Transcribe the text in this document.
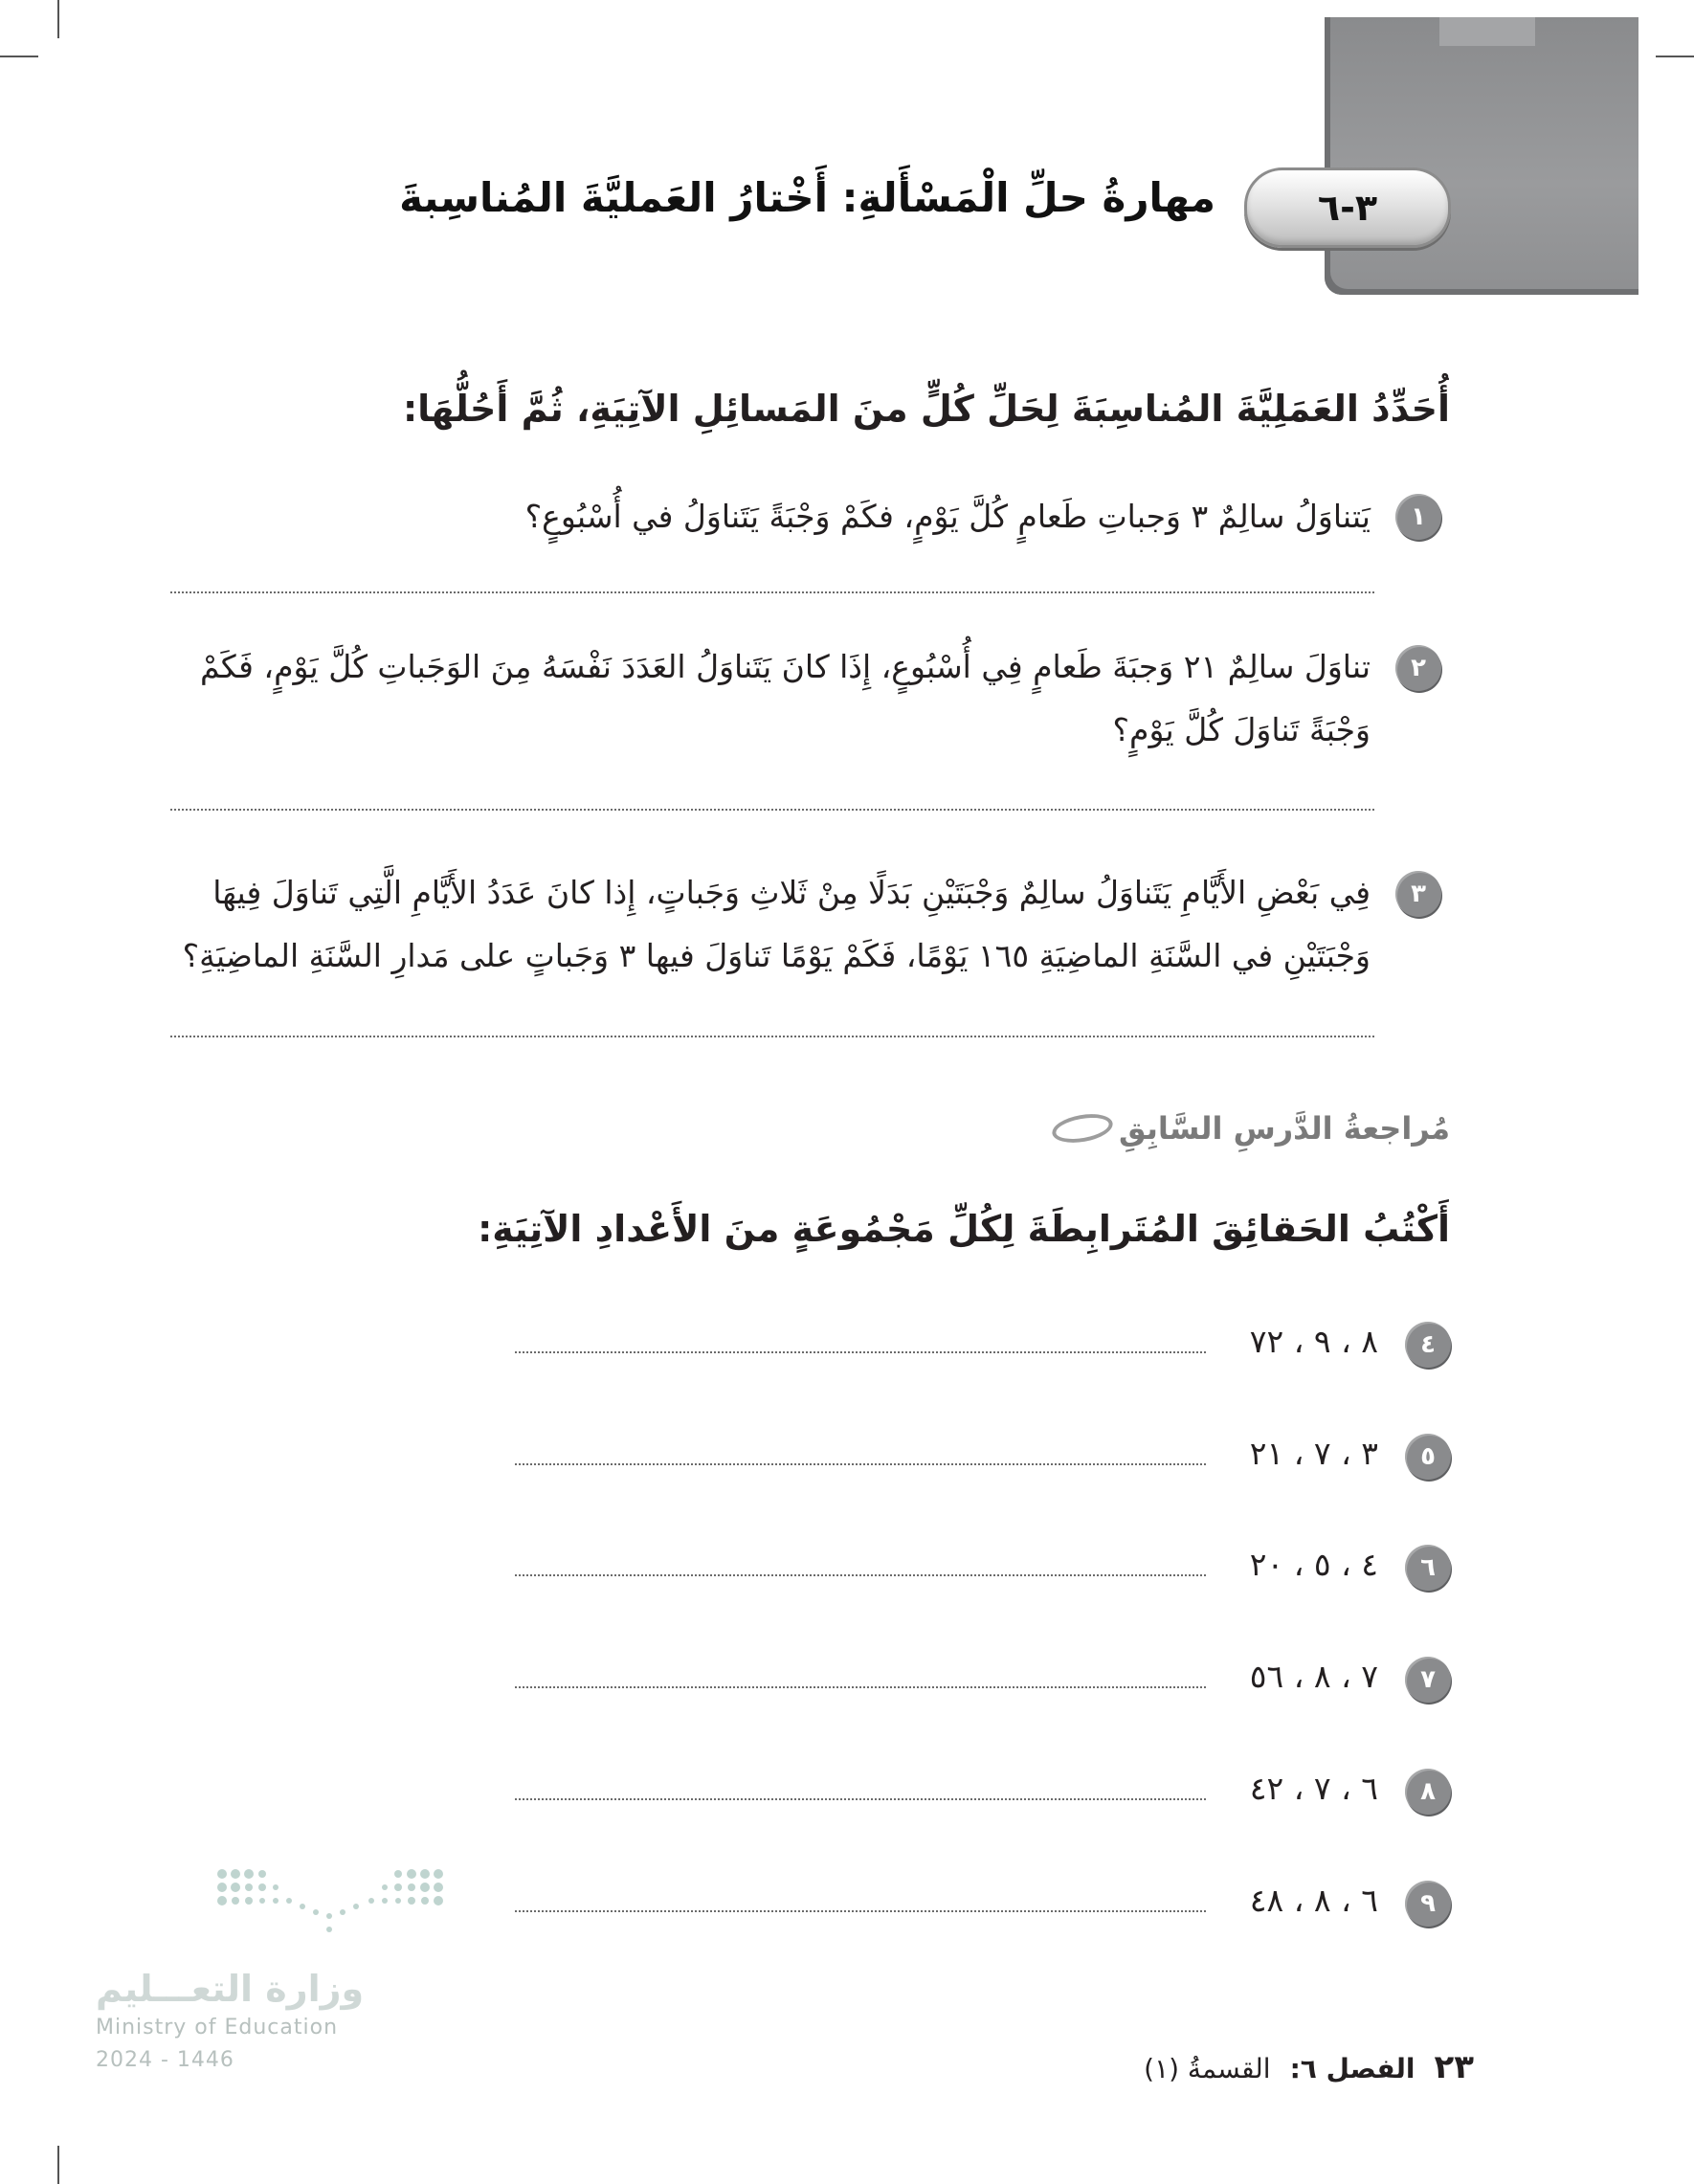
٣-٦
مهارةُ حلِّ الْمَسْأَلةِ: أَخْتارُ العَمليَّةَ المُناسِبةَ
أُحَدِّدُ العَمَلِيَّةَ المُناسِبَةَ لِحَلِّ كُلٍّ منَ المَسائِلِ الآتِيَةِ، ثُمَّ أَحُلُّهَا:
١
يَتناوَلُ سالِمٌ ٣ وَجباتِ طَعامٍ كُلَّ يَوْمٍ، فكَمْ وَجْبَةً يَتَناوَلُ في أُسْبُوعٍ؟
٢
تناوَلَ سالِمٌ ٢١ وَجبَةَ طَعامٍ فِي أُسْبُوعٍ، إِذَا كانَ يَتَناوَلُ العَدَدَ نَفْسَهُ مِنَ الوَجَباتِ كُلَّ يَوْمٍ، فَكَمْ وَجْبَةً تَناوَلَ كُلَّ يَوْمٍ؟
٣
فِي بَعْضِ الأَيَّامِ يَتَناوَلُ سالِمٌ وَجْبَتَيْنِ بَدَلًا مِنْ ثَلاثِ وَجَباتٍ، إِذا كانَ عَدَدُ الأَيَّامِ الَّتِي تَناوَلَ فِيهَا وَجْبَتَيْنِ في السَّنَةِ الماضِيَةِ ١٦٥ يَوْمًا، فَكَمْ يَوْمًا تَناوَلَ فيها ٣ وَجَباتٍ على مَدارِ السَّنَةِ الماضِيَةِ؟
مُراجعةُ الدَّرسِ السَّابِقِ
أَكْتُبُ الحَقائِقَ المُتَرابِطَةَ لِكُلِّ مَجْمُوعَةٍ منَ الأَعْدادِ الآتِيَةِ:
٤
٨ ، ٩ ، ٧٢
٥
٣ ، ٧ ، ٢١
٦
٤ ، ٥ ، ٢٠
٧
٧ ، ٨ ، ٥٦
٨
٦ ، ٧ ، ٤٢
٩
٦ ، ٨ ، ٤٨
وزارة التعـــليم
Ministry of Education
2024 - 1446	٢٣
الفصل ٦:
القسمةُ (١)
